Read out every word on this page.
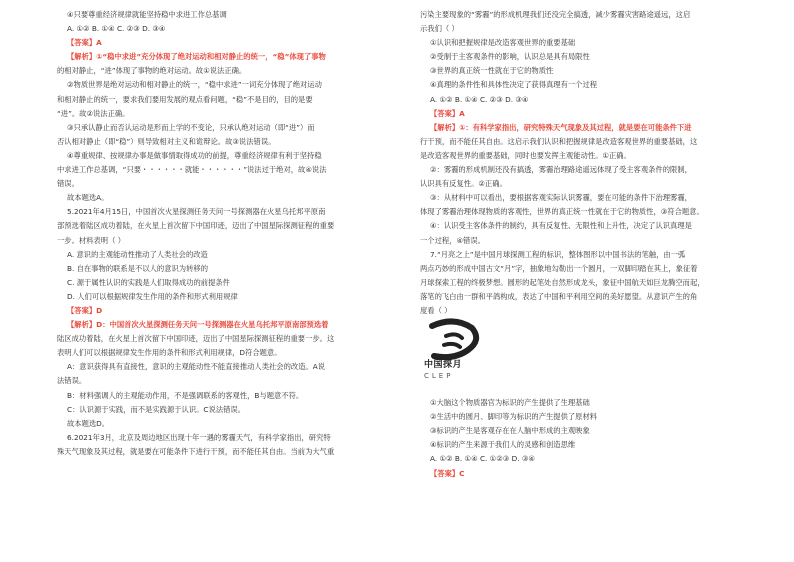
④只要尊重经济规律就能坚持稳中求进工作总基调
A. ①② B. ①④ C. ②③ D. ③④
【答案】A
【解析】①“稳中求进”充分体现了绝对运动和相对静止的统一，“稳”体现了事物
的相对静止，“进”体现了事物的绝对运动。故①说法正确。
②物质世界是绝对运动和相对静止的统一，“稳中求进”一词充分体现了绝对运动
和相对静止的统一，要求我们要用发展的观点看问题，“稳”不是目的，目的是要
“进”。故②说法正确。
③只承认静止而否认运动是形而上学的不变论，只承认绝对运动（即“进”）而
否认相对静止（即“稳”）则导致相对主义和诡辩论。故③说法错误。
④尊重规律、按规律办事是做事情取得成功的前提，尊重经济规律有利于坚持稳
中求进工作总基调，“只要・・・・・・就能・・・・・・”说法过于绝对，故④说法
错误。
故本题选A。
5.2021年4月15日，中国首次火星探测任务天问一号探测器在火星乌托邦平原南
部预选着陆区成功着陆，在火星上首次留下中国印迹，迈出了中国星际探测征程的重要
一步。材料表明（ ）
A. 意识的主观能动性推动了人类社会的改造
B. 自在事物的联系是不以人的意识为转移的
C. 源于属性认识的实践是人们取得成功的前提条件
D. 人们可以根据规律发生作用的条件和形式利用规律
【答案】D
【解析】D：中国首次火星探测任务天问一号探测器在火星乌托邦平原南部预选着
陆区成功着陆，在火星上首次留下中国印迹，迈出了中国星际探测征程的重要一步。这
表明人们可以根据规律发生作用的条件和形式利用规律，D符合题意。
A：意识获得具有直接性，意识的主观能动性不能直接推动人类社会的改造。A说
法错误。
B：材料强调人的主观能动作用，不是强调联系的客观性，B与题意不符。
C：认识源于实践，而不是实践源于认识。C说法错误。
故本题选D。
6.2021年3月，北京及周边地区出现十年一遇的雾霾天气，有科学家指出，研究特
殊天气现象及其过程，就是要在可能条件下进行干预，而不能任其自由。当前为大气重
污染主要现象的“雾霾”的形成机理我们还没完全搞透，减少雾霾灾害路途遥远，这启
示我们（ ）
①认识和把握规律是改造客观世界的重要基础
②受制于主客观条件的影响，认识总是具有局限性
③世界的真正统一性就在于它的物质性
④真理的条件性和具体性决定了获得真理有一个过程
A. ①② B. ①④ C. ②③ D. ③④
【答案】A
【解析】①：有科学家指出，研究特殊天气现象及其过程，就是要在可能条件下进
行干预，而不能任其自由。这启示我们认识和把握规律是改造客观世界的重要基础，这
是改造客观世界的重要基础，同时也要发挥主观能动性。①正确。
②：雾霾的形成机制还没有搞透，雾霾治理路途遥远体现了受主客观条件的限制，
认识具有反复性。②正确。
③：从材料中可以看出，要根据客观实际认识雾霾，要在可能的条件下治理雾霾，
体现了雾霾治理体现物质的客观性，世界的真正统一性就在于它的物质性，③符合题意。
④：认识受主客体条件的制约，具有反复性、无限性和上升性，决定了认识真理是
一个过程，④错误。
7.“月亮之上”是中国月球探测工程的标识，整体图形以中国书法的笔触，由一弧
两点巧妙的形成中国古文“月”字，抽象地勾勒出一个圆月，一双脚印踏在其上，象征着
月球探索工程的终极梦想。圆形的起笔处自然形成龙头，象征中国航天如巨龙腾空而起，
落笔的飞白由一群和平鸽构成，表达了中国和平利用空间的美好愿望。从意识产生的角
度看（ ）
中国探月
CLEP
①大脑这个物质器官为标识的产生提供了生理基础
②生活中的圆月、脚印等为标识的产生提供了原材料
③标识的产生是客观存在在人脑中形成的主观映象
④标识的产生来源于我们人的灵感和创造思维
A. ①② B. ①④ C. ①②③ D. ③④
【答案】C
